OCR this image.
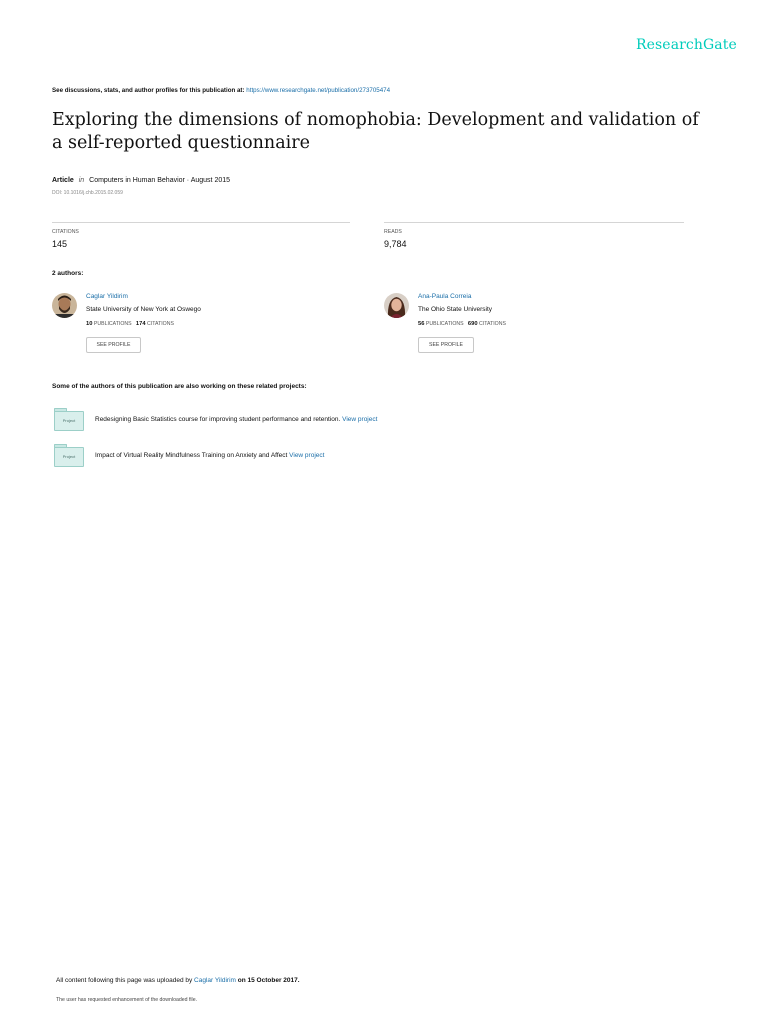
ResearchGate
See discussions, stats, and author profiles for this publication at: https://www.researchgate.net/publication/273705474
Exploring the dimensions of nomophobia: Development and validation of a self-reported questionnaire
Article in Computers in Human Behavior · August 2015
DOI: 10.1016/j.chb.2015.02.059
CITATIONS
145
READS
9,784
2 authors:
Caglar Yildirim
State University of New York at Oswego
10 PUBLICATIONS 174 CITATIONS
SEE PROFILE
Ana-Paula Correia
The Ohio State University
56 PUBLICATIONS 690 CITATIONS
SEE PROFILE
Some of the authors of this publication are also working on these related projects:
Project	Redesigning Basic Statistics course for improving student performance and retention. View project
Project	Impact of Virtual Reality Mindfulness Training on Anxiety and Affect View project
All content following this page was uploaded by Caglar Yildirim on 15 October 2017.
The user has requested enhancement of the downloaded file.
